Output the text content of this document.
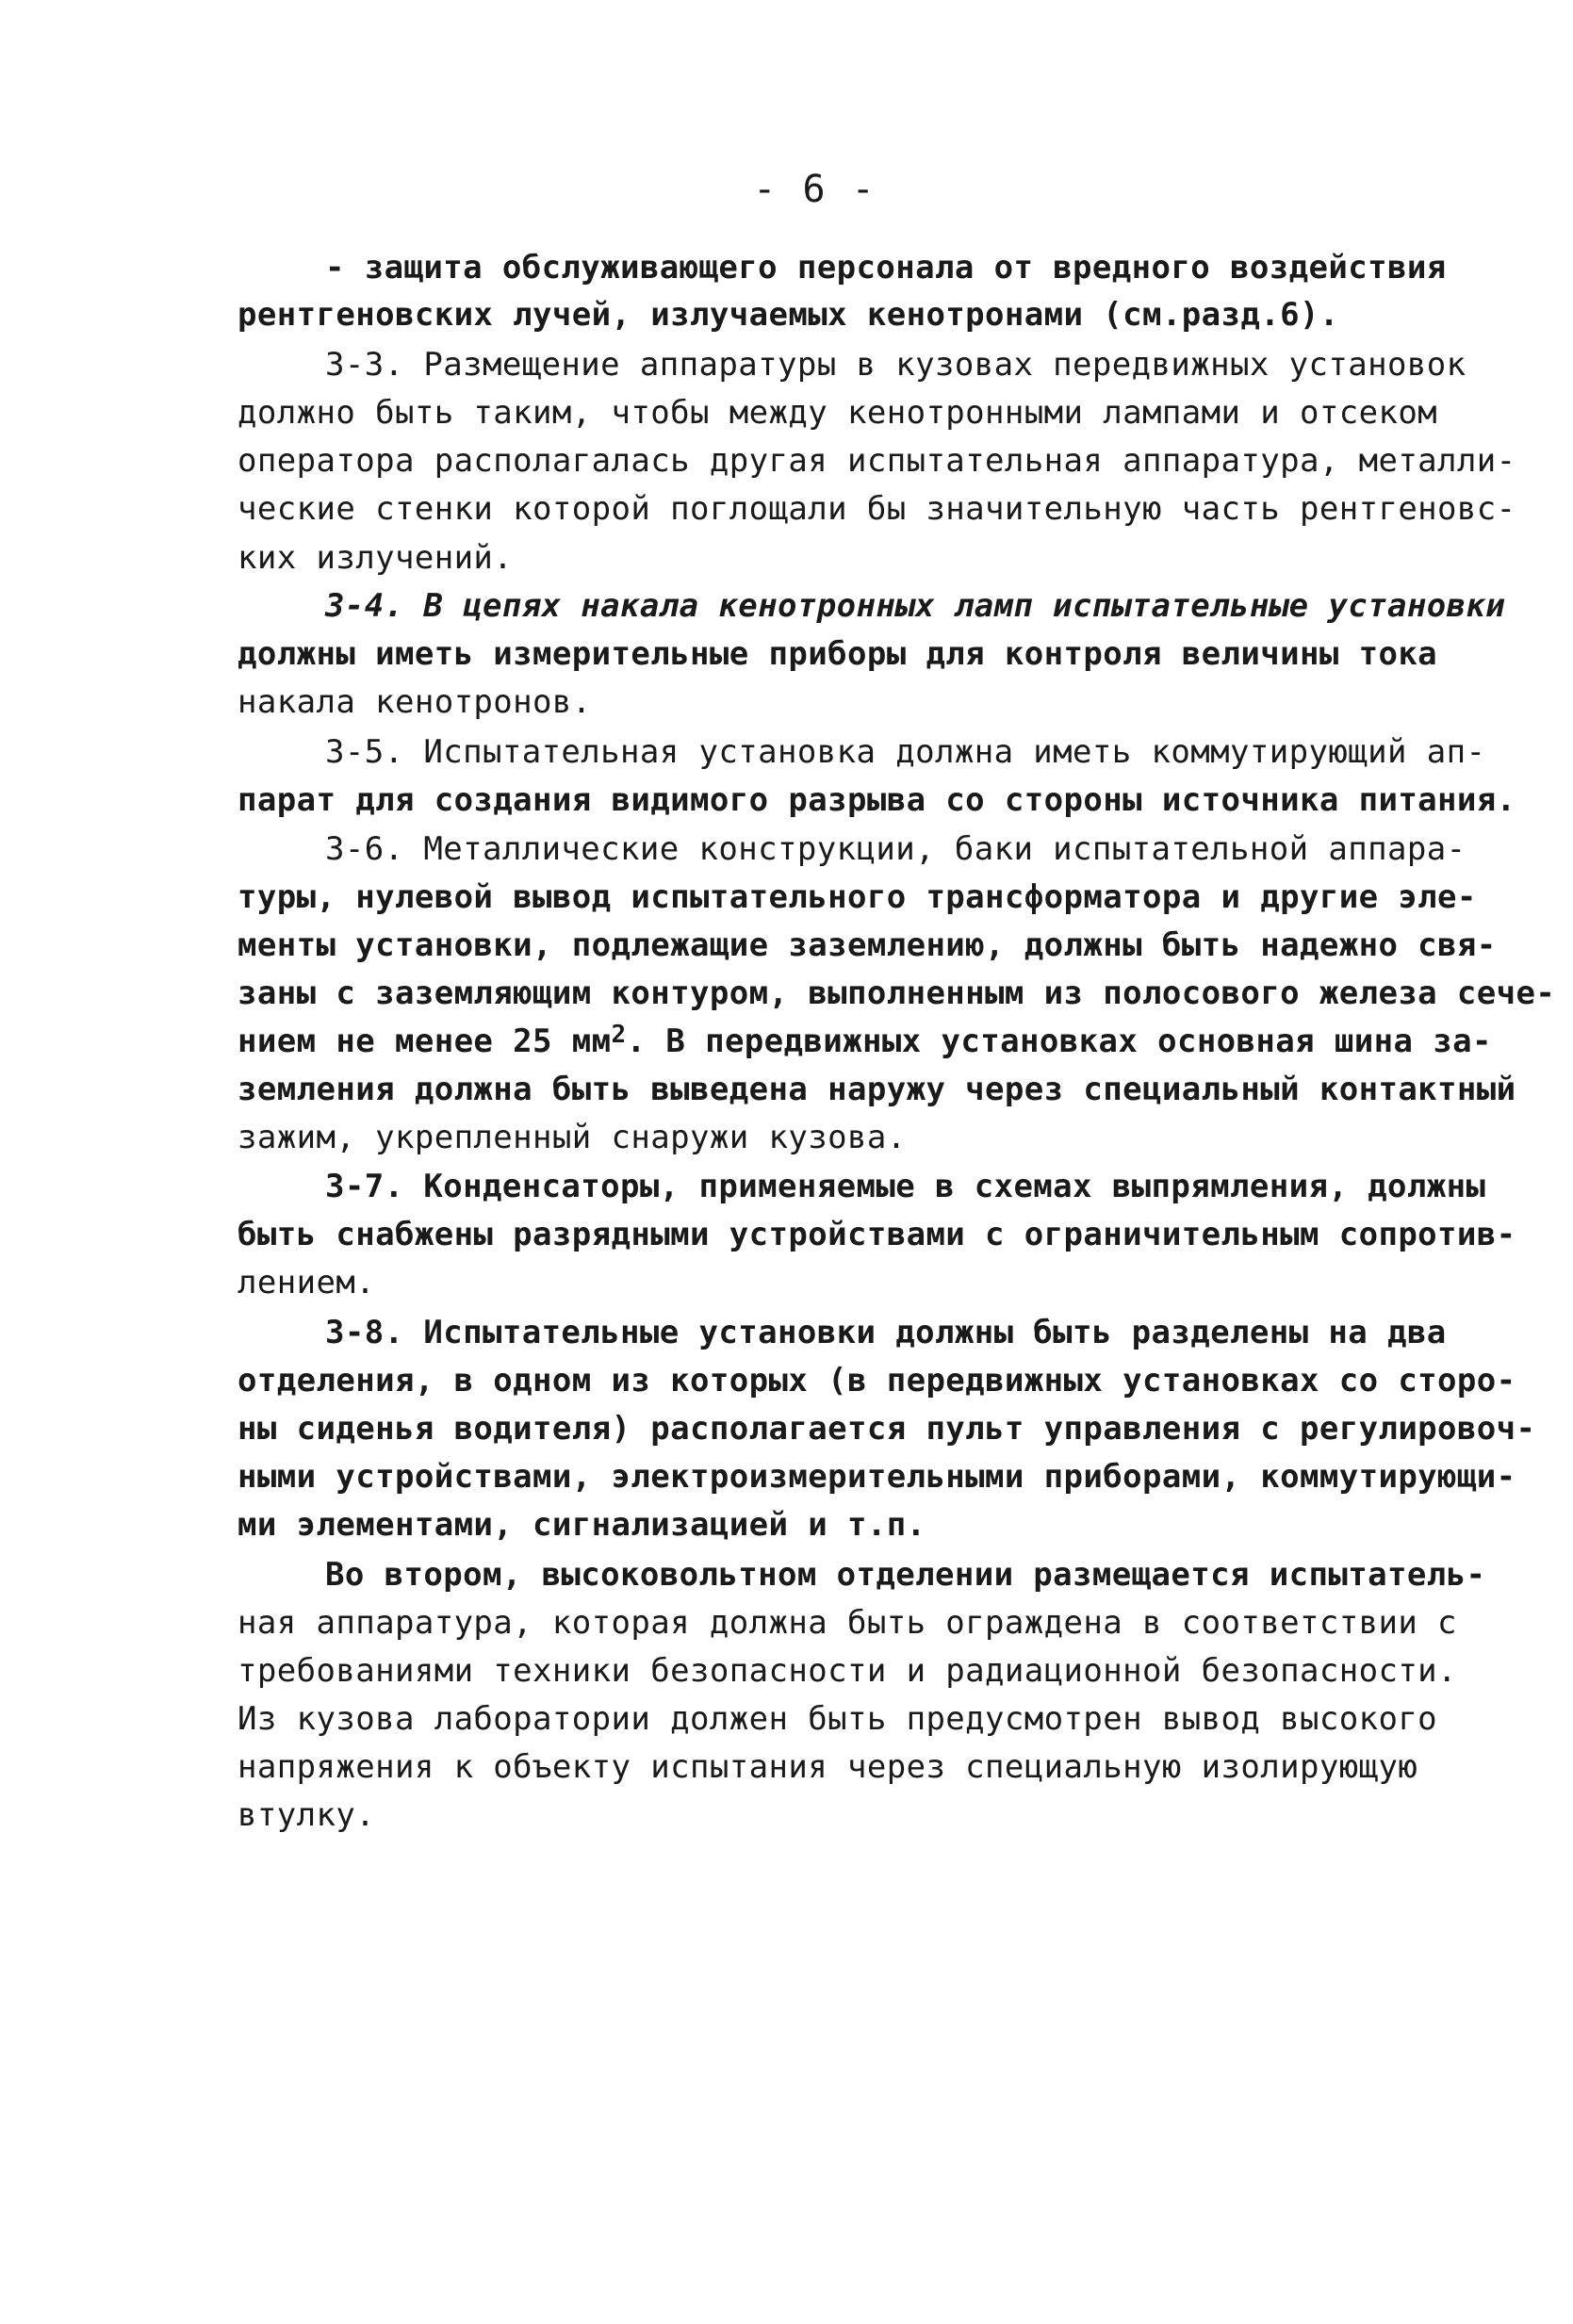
- 6 -
- защита обслуживающего персонала от вредного воздействия
рентгеновских лучей, излучаемых кенотронами (см.разд.6).
3-3. Размещение аппаратуры в кузовах передвижных установок
должно быть таким, чтобы между кенотронными лампами и отсеком
оператора располагалась другая испытательная аппаратура, металли-
ческие стенки которой поглощали бы значительную часть рентгеновс-
ких излучений.
3-4. В цепях накала кенотронных ламп испытательные установки
должны иметь измерительные приборы для контроля величины тока
накала кенотронов.
3-5. Испытательная установка должна иметь коммутирующий ап-
парат для создания видимого разрыва со стороны источника питания.
3-6. Металлические конструкции, баки испытательной аппара-
туры, нулевой вывод испытательного трансформатора и другие эле-
менты установки, подлежащие заземлению, должны быть надежно свя-
заны с заземляющим контуром, выполненным из полосового железа сече-
нием не менее 25 $мм^2$. В передвижных установках основная шина за-
земления должна быть выведена наружу через специальный контактный
зажим, укрепленный снаружи кузова.
3-7. Конденсаторы, применяемые в схемах выпрямления, должны
быть снабжены разрядными устройствами с ограничительным сопротив-
лением.
3-8. Испытательные установки должны быть разделены на два
отделения, в одном из которых (в передвижных установках со сторо-
ны сиденья водителя) располагается пульт управления с регулировоч-
ными устройствами, электроизмерительными приборами, коммутирующи-
ми элементами, сигнализацией и т.п.
Во втором, высоковольтном отделении размещается испытатель-
ная аппаратура, которая должна быть ограждена в соответствии с
требованиями техники безопасности и радиационной безопасности.
Из кузова лаборатории должен быть предусмотрен вывод высокого
напряжения к объекту испытания через специальную изолирующую
втулку.
